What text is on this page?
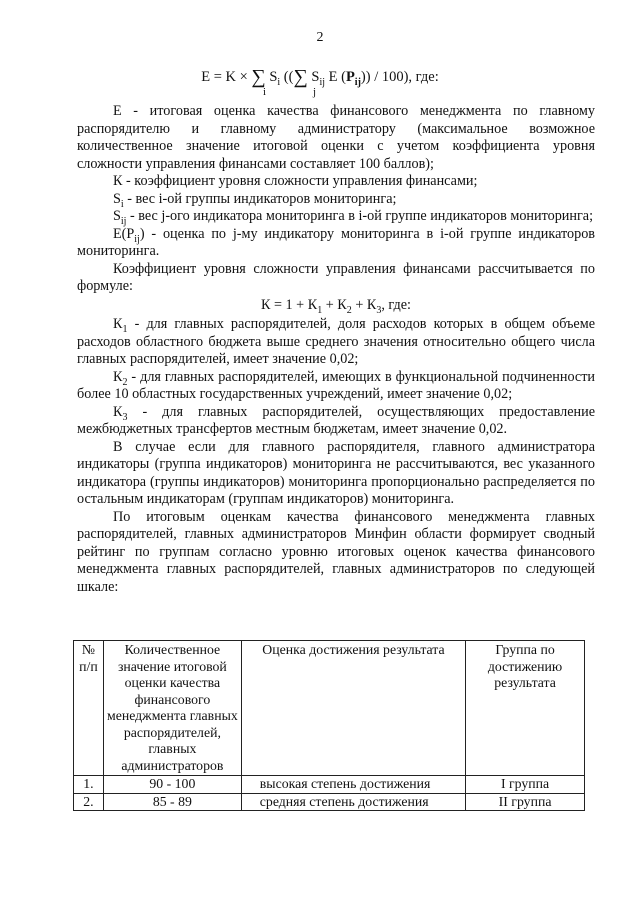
2
E = K × ∑ $S_i$ ((∑ $S_{ij}$ E $(P_{ij})) / 100$), где:
i	j

Е - итоговая оценка качества финансового менеджмента по главному распорядителю и главному администратору (максимальное возможное количественное значение итоговой оценки с учетом коэффициента уровня сложности управления финансами составляет 100 баллов);

К - коэффициент уровня сложности управления финансами;

$S_i$ - вес i-ой группы индикаторов мониторинга;

$S_{ij}$ - вес j-ого индикатора мониторинга в i-ой группе индикаторов мониторинга;

$E(P_{ij})$ - оценка по j-му индикатору мониторинга в i-ой группе индикаторов мониторинга.

Коэффициент уровня сложности управления финансами рассчитывается по формуле:

$К = 1 + К_1 + К_2 + К_3$, где:

$К_1$ - для главных распорядителей, доля расходов которых в общем объеме расходов областного бюджета выше среднего значения относительно общего числа главных распорядителей, имеет значение 0,02;

$К_2$ - для главных распорядителей, имеющих в функциональной подчиненности более 10 областных государственных учреждений, имеет значение 0,02;

$К_3$ - для главных распорядителей, осуществляющих предоставление межбюджетных трансфертов местным бюджетам, имеет значение 0,02.

В случае если для главного распорядителя, главного администратора индикаторы (группа индикаторов) мониторинга не рассчитываются, вес указанного индикатора (группы индикаторов) мониторинга пропорционально распределяется по остальным индикаторам (группам индикаторов) мониторинга.

По итоговым оценкам качества финансового менеджмента главных распорядителей, главных администраторов Минфин области формирует сводный рейтинг по группам согласно уровню итоговых оценок качества финансового менеджмента главных распорядителей, главных администраторов по следующей шкале:

№ п/п	Количественное значение итоговой оценки качества финансового менеджмента главных распорядителей, главных администраторов	Оценка достижения результата	Группа по достижению результата
1.	90 - 100	высокая степень достижения	I группа
2.	85 - 89	средняя степень достижения	II группа
